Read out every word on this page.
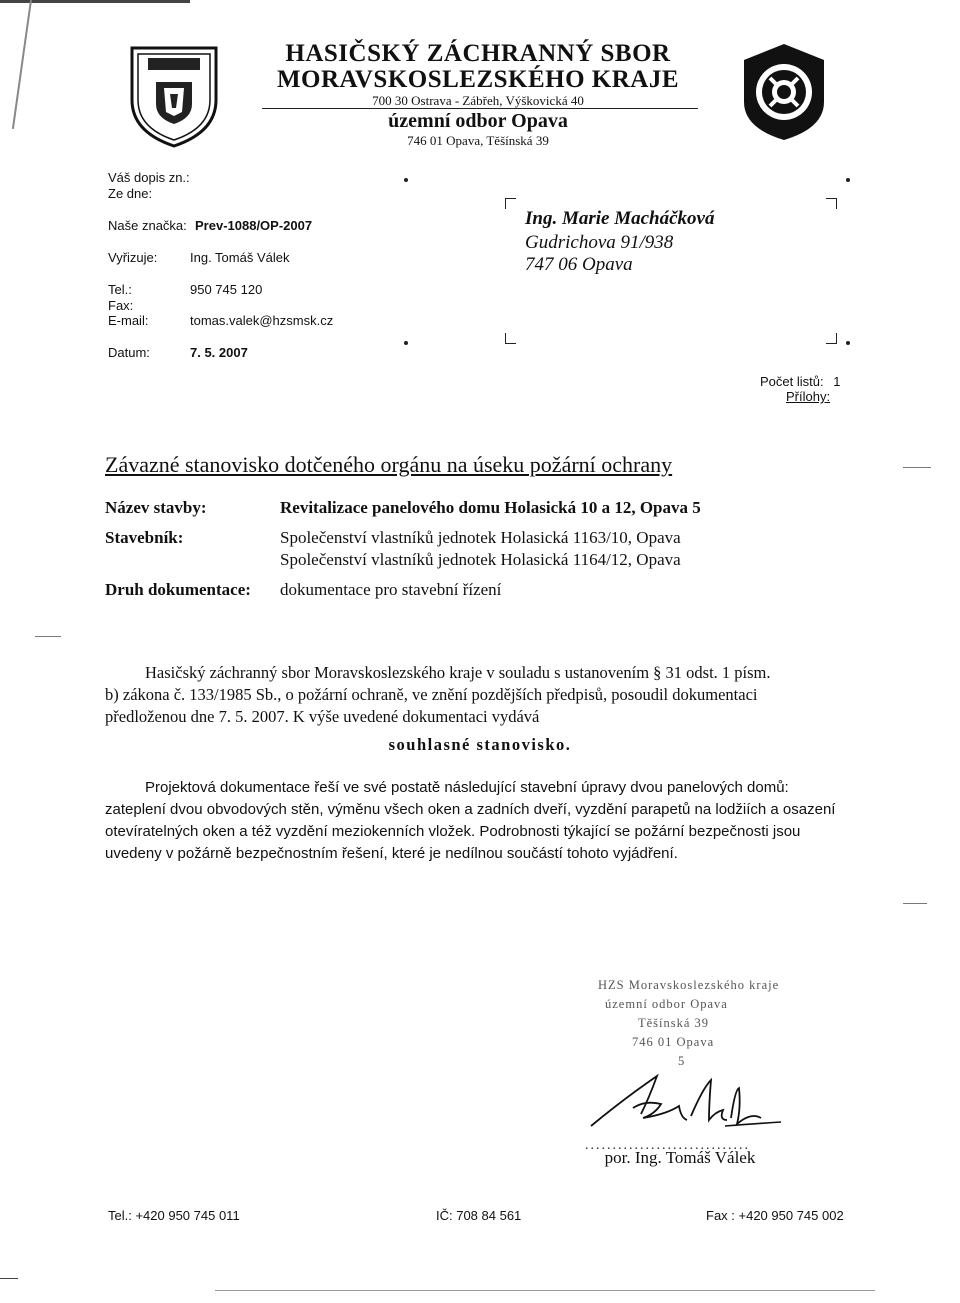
HASIČSKÝ ZÁCHRANNÝ SBOR
MORAVSKOSLEZSKÉHO KRAJE
700 30 Ostrava - Zábřeh, Výškovická 40
územní odbor Opava
746 01 Opava, Těšínská 39
Váš dopis zn.:
Ze dne:
Naše značka: Prev-1088/OP-2007
Vyřizuje:	Ing. Tomáš Válek
Tel.:	950 745 120
Fax:
E-mail:	tomas.valek@hzsmsk.cz
Datum:	7. 5. 2007
Ing. Marie Macháčková
Gudrichova 91/938
747 06 Opava
Počet listů: 1
Přílohy:
Závazné stanovisko dotčeného orgánu na úseku požární ochrany
Název stavby:	Revitalizace panelového domu Holasická 10 a 12, Opava 5
Stavebník:	Společenství vlastníků jednotek Holasická 1163/10, Opava
Společenství vlastníků jednotek Holasická 1164/12, Opava
Druh dokumentace: dokumentace pro stavební řízení
Hasičský záchranný sbor Moravskoslezského kraje v souladu s ustanovením § 31 odst. 1 písm.
b) zákona č. 133/1985 Sb., o požární ochraně, ve znění pozdějších předpisů, posoudil dokumentaci
předloženou dne 7. 5. 2007. K výše uvedené dokumentaci vydává
souhlasné stanovisko.
Projektová dokumentace řeší ve své postatě následující stavební úpravy dvou panelových domů:
zateplení dvou obvodových stěn, výměnu všech oken a zadních dveří, vyzdění parapetů na lodžiích a osazení
otevíratelných oken a též vyzdění meziokenních vložek. Podrobnosti týkající se požární bezpečnosti jsou
uvedeny v požárně bezpečnostním řešení, které je nedílnou součástí tohoto vyjádření.
HZS Moravskoslezského kraje
územní odbor Opava
Těšínská 39
746 01 Opava
5
..............................
por. Ing. Tomáš Válek
Tel.: +420 950 745 011	IČ: 708 84 561	Fax : +420 950 745 002
